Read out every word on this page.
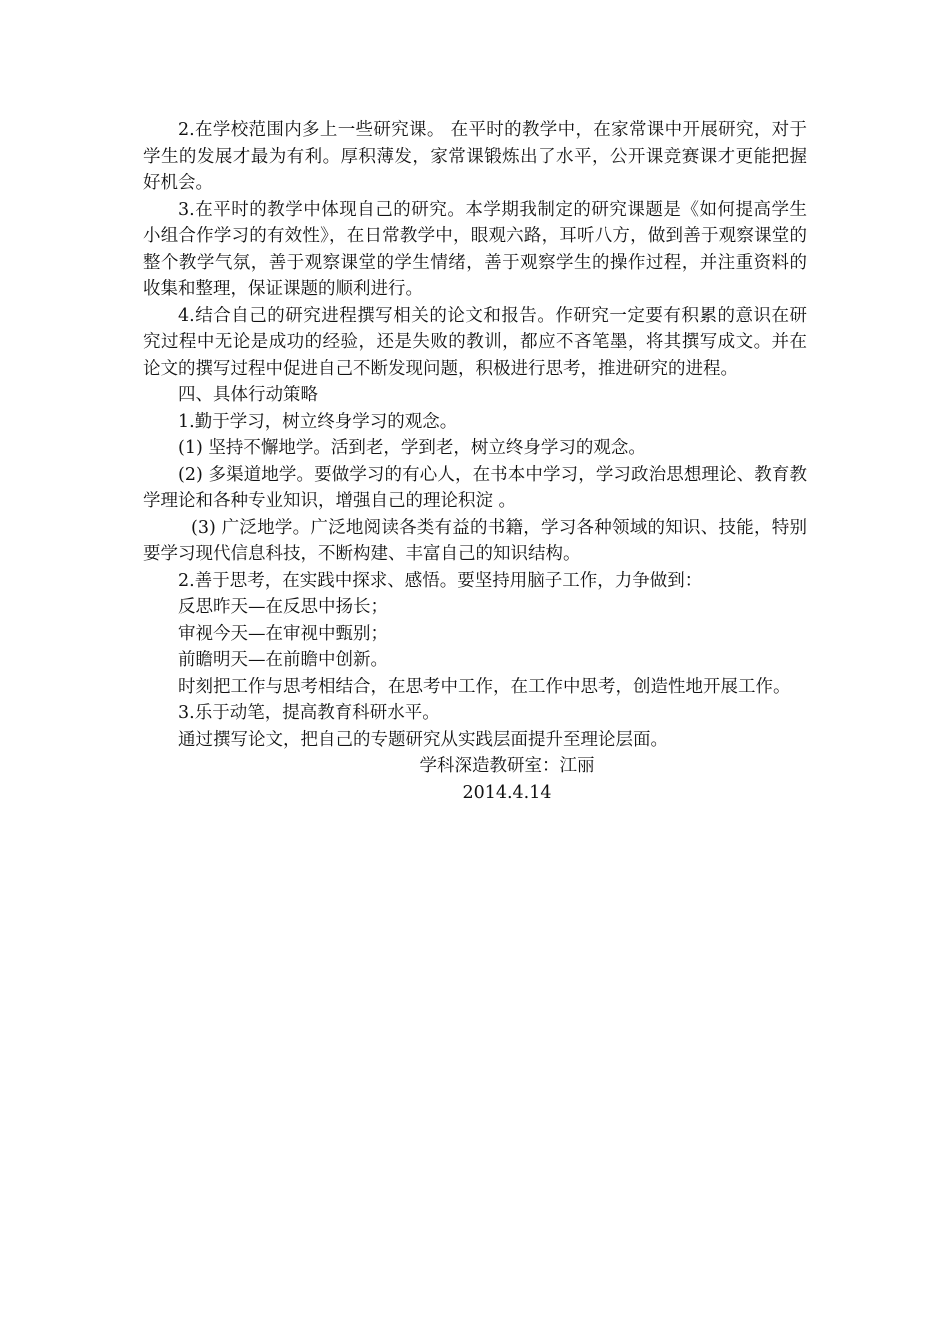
2.在学校范围内多上一些研究课。 在平时的教学中，在家常课中开展研究，对于学生的发展才最为有利。厚积薄发，家常课锻炼出了水平，公开课竞赛课才更能把握好机会。

3.在平时的教学中体现自己的研究。本学期我制定的研究课题是《如何提高学生小组合作学习的有效性》，在日常教学中，眼观六路，耳听八方，做到善于观察课堂的整个教学气氛，善于观察课堂的学生情绪，善于观察学生的操作过程，并注重资料的收集和整理，保证课题的顺利进行。

4.结合自己的研究进程撰写相关的论文和报告。作研究一定要有积累的意识在研究过程中无论是成功的经验，还是失败的教训，都应不吝笔墨，将其撰写成文。并在论文的撰写过程中促进自己不断发现问题，积极进行思考，推进研究的进程。

四、具体行动策略

1.勤于学习，树立终身学习的观念。

(1) 坚持不懈地学。活到老，学到老，树立终身学习的观念。

(2) 多渠道地学。要做学习的有心人，在书本中学习，学习政治思想理论、教育教学理论和各种专业知识，增强自己的理论积淀 。

(3) 广泛地学。广泛地阅读各类有益的书籍，学习各种领域的知识、技能，特别要学习现代信息科技，不断构建、丰富自己的知识结构。

2.善于思考，在实践中探求、感悟。要坚持用脑子工作，力争做到：

反思昨天—在反思中扬长；

审视今天—在审视中甄别；

前瞻明天—在前瞻中创新。

时刻把工作与思考相结合，在思考中工作，在工作中思考，创造性地开展工作。

3.乐于动笔，提高教育科研水平。

通过撰写论文，把自己的专题研究从实践层面提升至理论层面。

学科深造教研室：江丽

2014.4.14
